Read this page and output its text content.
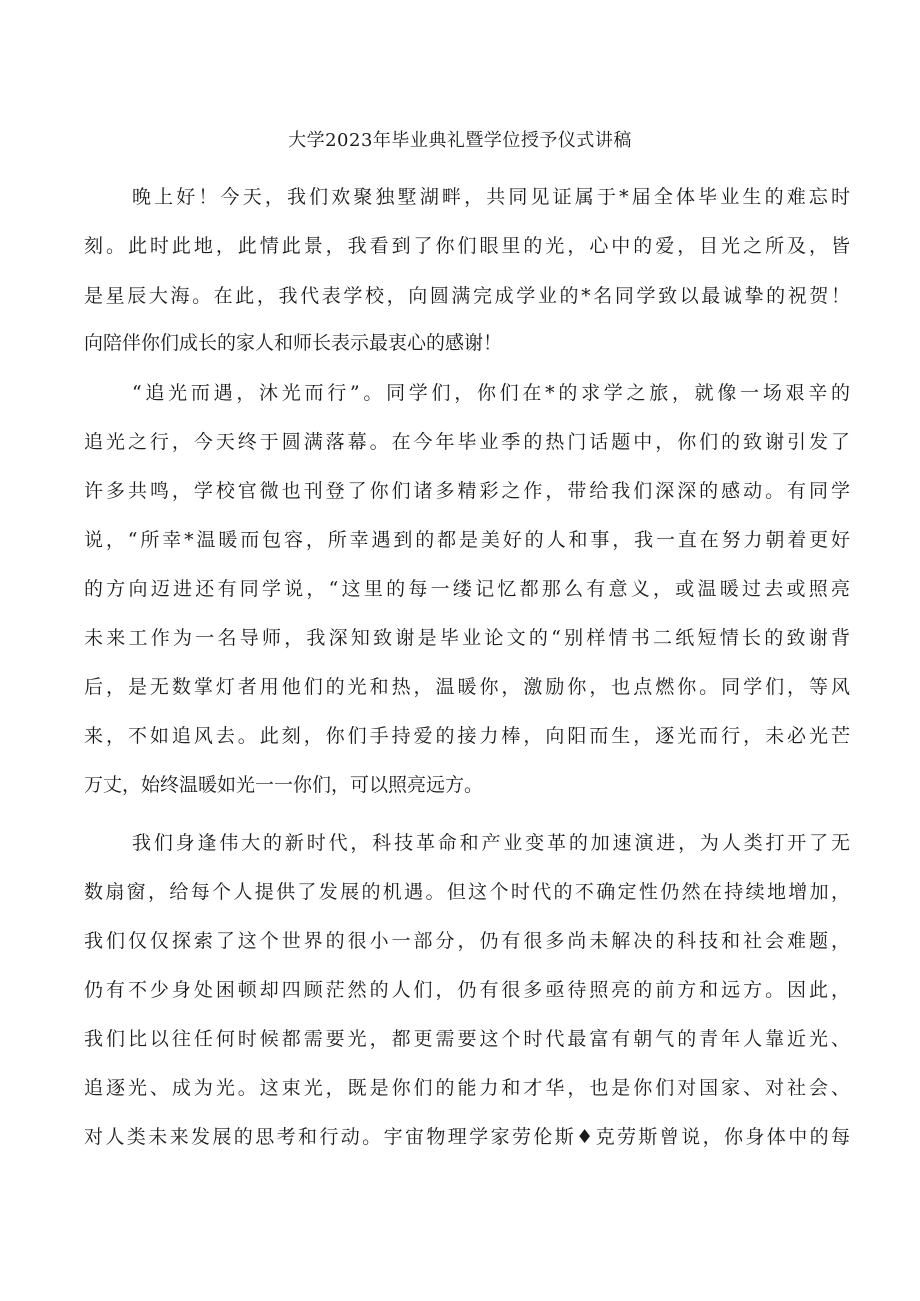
大学2023年毕业典礼暨学位授予仪式讲稿
晚上好！今天，我们欢聚独墅湖畔，共同见证属于*届全体毕业生的难忘时
刻。此时此地，此情此景，我看到了你们眼里的光，心中的爱，目光之所及，皆
是星辰大海。在此，我代表学校，向圆满完成学业的*名同学致以最诚挚的祝贺！
向陪伴你们成长的家人和师长表示最衷心的感谢！
“追光而遇，沐光而行”。同学们，你们在*的求学之旅，就像一场艰辛的
追光之行，今天终于圆满落幕。在今年毕业季的热门话题中，你们的致谢引发了
许多共鸣，学校官微也刊登了你们诸多精彩之作，带给我们深深的感动。有同学
说，“所幸*温暖而包容，所幸遇到的都是美好的人和事，我一直在努力朝着更好
的方向迈进还有同学说，“这里的每一缕记忆都那么有意义，或温暖过去或照亮
未来工作为一名导师，我深知致谢是毕业论文的“别样情书二纸短情长的致谢背
后，是无数掌灯者用他们的光和热，温暖你，激励你，也点燃你。同学们，等风
来，不如追风去。此刻，你们手持爱的接力棒，向阳而生，逐光而行，未必光芒
万丈，始终温暖如光一一你们，可以照亮远方。
我们身逢伟大的新时代，科技革命和产业变革的加速演进，为人类打开了无
数扇窗，给每个人提供了发展的机遇。但这个时代的不确定性仍然在持续地增加，
我们仅仅探索了这个世界的很小一部分，仍有很多尚未解决的科技和社会难题，
仍有不少身处困顿却四顾茫然的人们，仍有很多亟待照亮的前方和远方。因此，
我们比以往任何时候都需要光，都更需要这个时代最富有朝气的青年人靠近光、
追逐光、成为光。这束光，既是你们的能力和才华，也是你们对国家、对社会、
对人类未来发展的思考和行动。宇宙物理学家劳伦斯♦克劳斯曾说，你身体中的每
